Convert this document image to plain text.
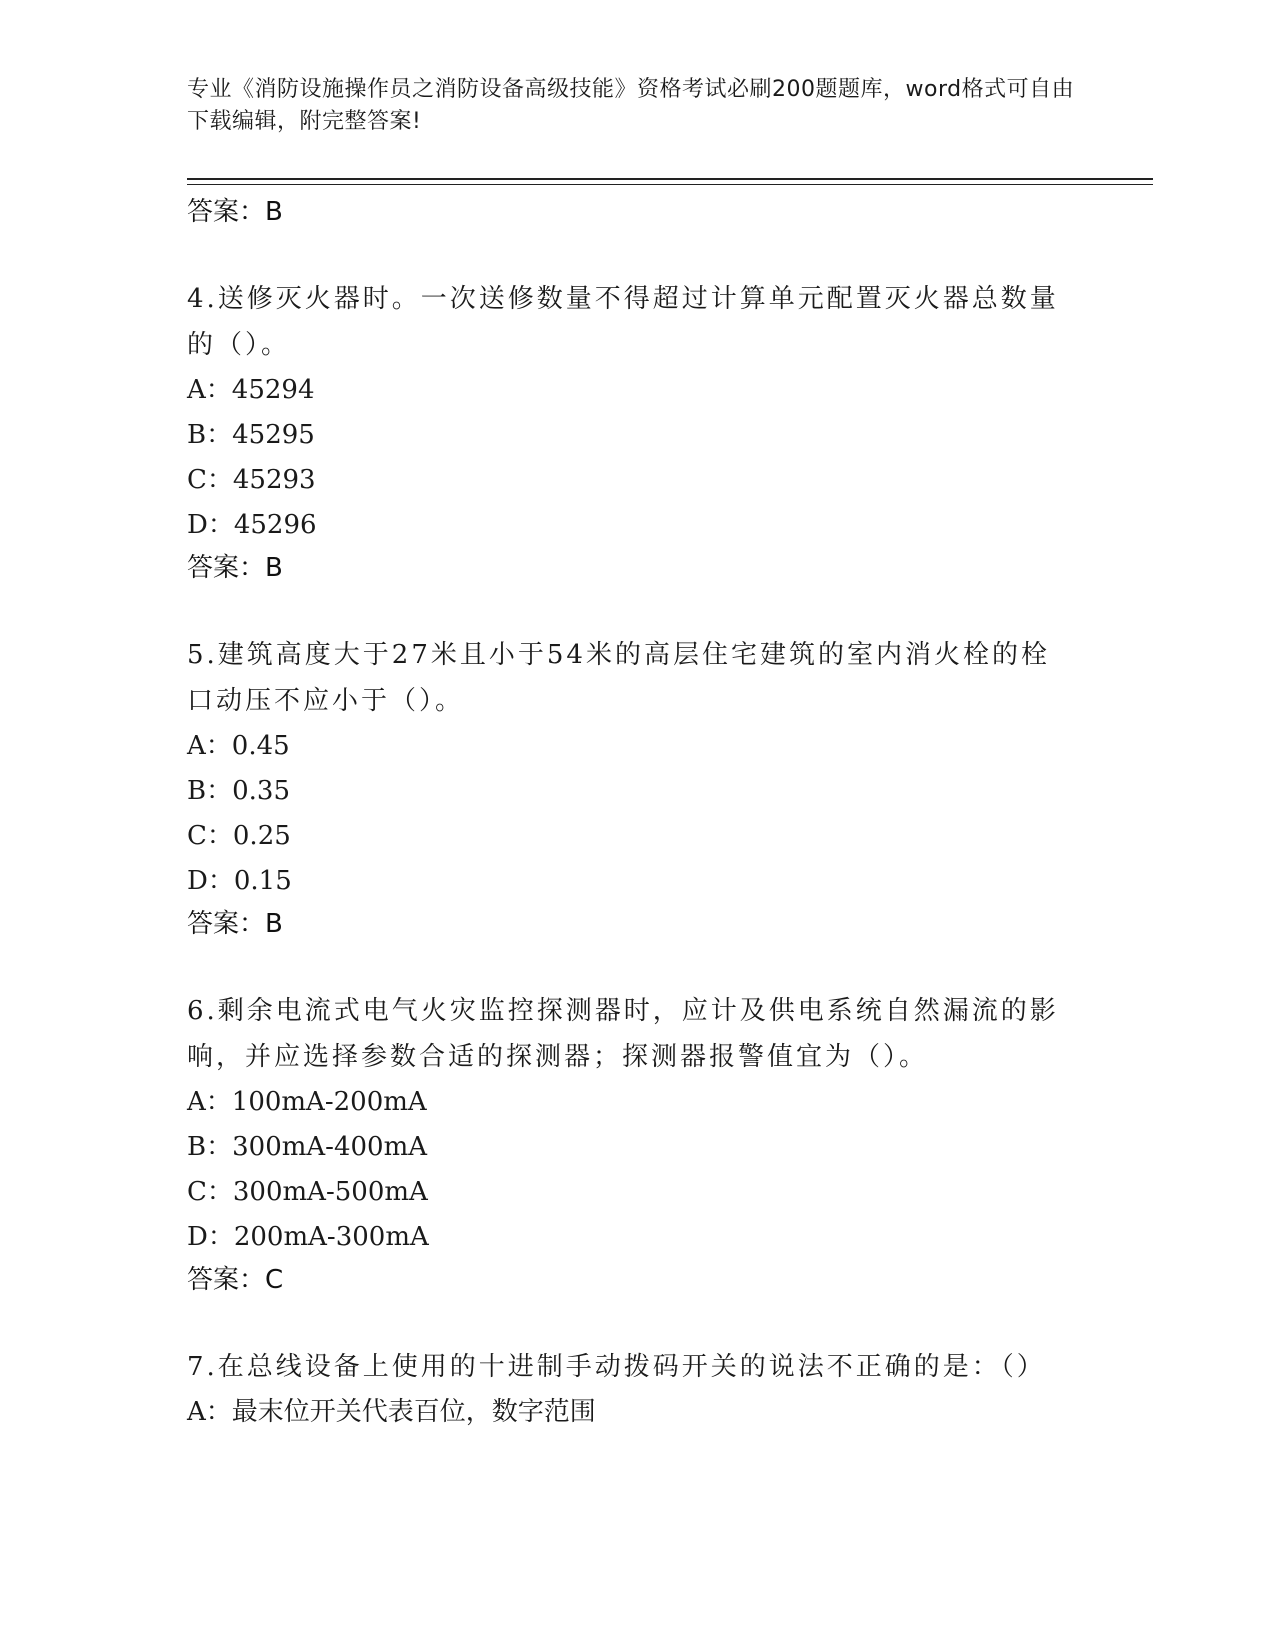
专业《消防设施操作员之消防设备高级技能》资格考试必刷200题题库，word格式可自由下载编辑，附完整答案!
答案：B
4.送修灭火器时。一次送修数量不得超过计算单元配置灭火器总数量
的（）。
A：45294
B：45295
C：45293
D：45296
答案：B
5.建筑高度大于27米且小于54米的高层住宅建筑的室内消火栓的栓
口动压不应小于（）。
A：0.45
B：0.35
C：0.25
D：0.15
答案：B
6.剩余电流式电气火灾监控探测器时，应计及供电系统自然漏流的影
响，并应选择参数合适的探测器；探测器报警值宜为（）。
A：100mA-200mA
B：300mA-400mA
C：300mA-500mA
D：200mA-300mA
答案：C
7.在总线设备上使用的十进制手动拨码开关的说法不正确的是：（）
A：最末位开关代表百位，数字范围
